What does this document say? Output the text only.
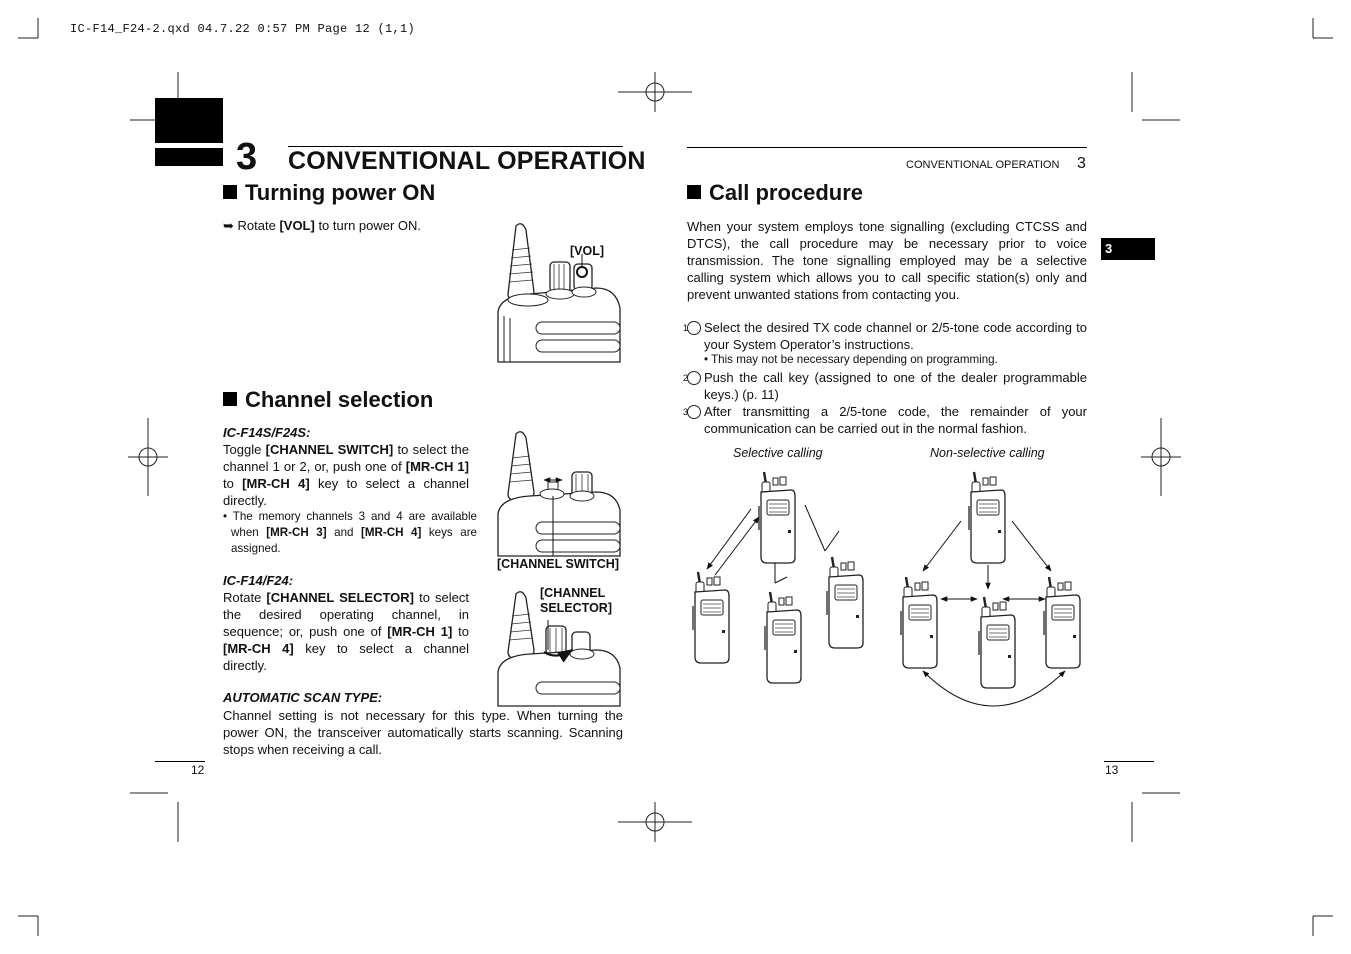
IC-F14_F24-2.qxd 04.7.22 0:57 PM Page 12 (1,1)
3 CONVENTIONAL OPERATION
Turning power ON

➥ Rotate [VOL] to turn power ON.

[VOL]
Channel selection
IC-F14S/F24S:

Toggle [CHANNEL SWITCH] to select the channel 1 or 2, or, push one of [MR-CH 1] to [MR-CH 4] key to select a channel directly.

• The memory channels 3 and 4 are available when [MR-CH 3] and [MR-CH 4] keys are assigned.

[CHANNEL SWITCH]
IC-F14/F24:

Rotate [CHANNEL SELECTOR] to select the desired operating channel, in sequence; or, push one of [MR-CH 1] to [MR-CH 4] key to select a channel directly.

[CHANNEL
SELECTOR]
AUTOMATIC SCAN TYPE:

Channel setting is not necessary for this type. When turning the power ON, the transceiver automatically starts scanning. Scanning stops when receiving a call.

12
CONVENTIONAL OPERATION 3
3
Call procedure

When your system employs tone signalling (excluding CTCSS and DTCS), the call procedure may be necessary prior to voice transmission. The tone signalling employed may be a selective calling system which allows you to call specific station(s) only and prevent unwanted stations from contacting you.

1 Select the desired TX code channel or 2/5-tone code according to your System Operator’s instructions.

• This may not be necessary depending on programming.

2 Push the call key (assigned to one of the dealer programmable keys.) (p. 11)

3 After transmitting a 2/5-tone code, the remainder of your communication can be carried out in the normal fashion.

Selective calling	Non-selective calling
13
